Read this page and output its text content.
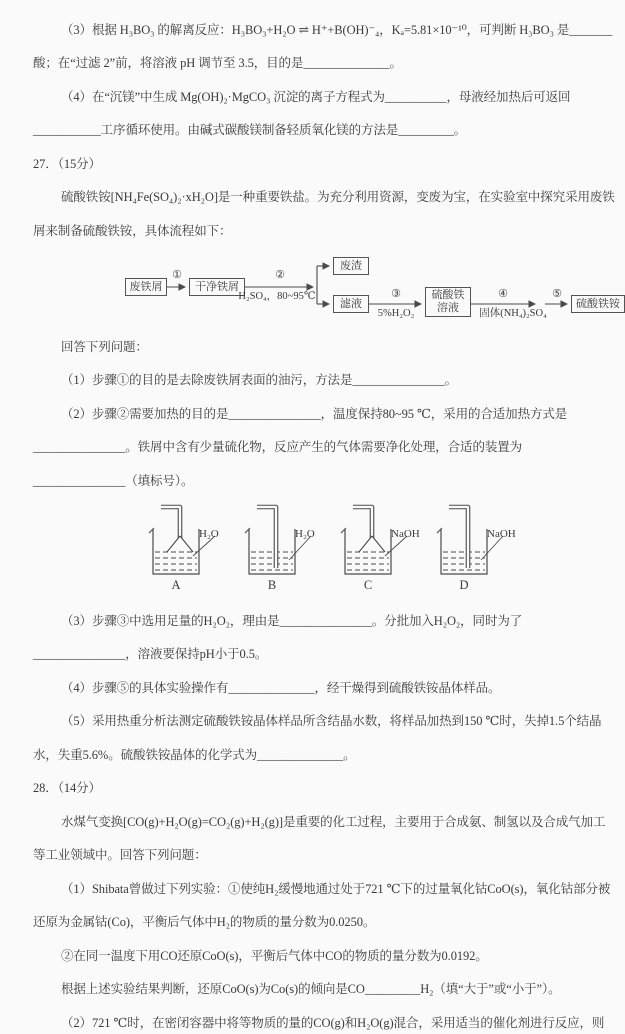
（3）根据 H₃BO₃ 的解离反应：H₃BO₃+H₂O ⇌ H⁺+B(OH)⁻₄，Kₐ=5.81×10⁻¹⁰，可判断 H₃BO₃ 是_______

酸；在“过滤 2”前，将溶液 pH 调节至 3.5，目的是______________。

（4）在“沉镁”中生成 Mg(OH)₂·MgCO₃ 沉淀的离子方程式为__________，母液经加热后可返回

___________工序循环使用。由碱式碳酸镁制备轻质氧化镁的方法是_________。

27．（15分）

硫酸铁铵[NH₄Fe(SO₄)₂·xH₂O]是一种重要铁盐。为充分利用资源，变废为宝，在实验室中探究采用废铁

屑来制备硫酸铁铵，具体流程如下：

废铁屑
①
干净铁屑
②
H₂SO₄，80~95℃
废渣
滤液
③
5%H₂O₂
硫酸铁
溶液
④
固体(NH₄)₂SO₄
⑤
硫酸铁铵

回答下列问题：

（1）步骤①的目的是去除废铁屑表面的油污，方法是_______________。

（2）步骤②需要加热的目的是_______________，温度保持80~95 ℃，采用的合适加热方式是

_______________。铁屑中含有少量硫化物，反应产生的气体需要净化处理，合适的装置为

_______________（填标号）。

H₂O
A
H₂O
B
NaOH
C
NaOH
D

（3）步骤③中选用足量的H₂O₂，理由是_______________。分批加入H₂O₂，同时为了

_______________，溶液要保持pH小于0.5。

（4）步骤⑤的具体实验操作有______________，经干燥得到硫酸铁铵晶体样品。

（5）采用热重分析法测定硫酸铁铵晶体样品所含结晶水数，将样品加热到150 ℃时，失掉1.5个结晶

水，失重5.6%。硫酸铁铵晶体的化学式为______________。

28．（14分）

水煤气变换[CO(g)+H₂O(g)=CO₂(g)+H₂(g)]是重要的化工过程，主要用于合成氨、制氢以及合成气加工

等工业领域中。回答下列问题：

（1）Shibata曾做过下列实验：①使纯H₂缓慢地通过处于721 ℃下的过量氧化钴CoO(s)，氧化钴部分被

还原为金属钴(Co)，平衡后气体中H₂的物质的量分数为0.0250。

②在同一温度下用CO还原CoO(s)，平衡后气体中CO的物质的量分数为0.0192。

根据上述实验结果判断，还原CoO(s)为Co(s)的倾向是CO_________H₂（填“大于”或“小于”）。

（2）721 ℃时，在密闭容器中将等物质的量的CO(g)和H₂O(g)混合，采用适当的催化剂进行反应，则
